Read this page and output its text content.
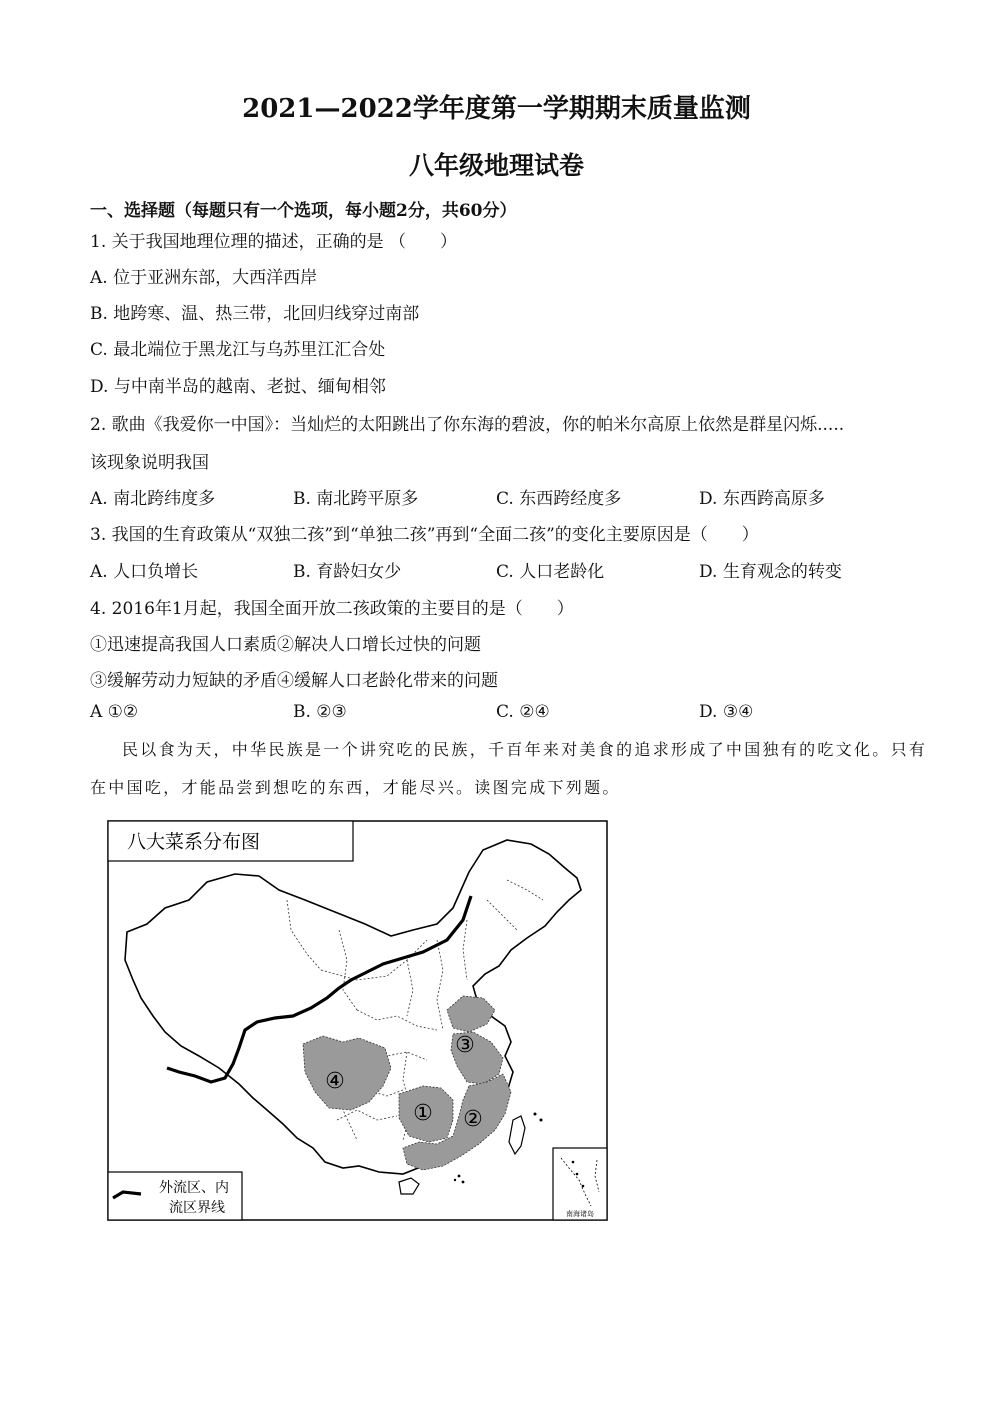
2021—2022学年度第一学期期末质量监测
八年级地理试卷
一、选择题（每题只有一个选项，每小题2分，共60分）
1. 关于我国地理位理的描述，正确的是 （　　）
A. 位于亚洲东部，大西洋西岸
B. 地跨寒、温、热三带，北回归线穿过南部
C. 最北端位于黑龙江与乌苏里江汇合处
D. 与中南半岛的越南、老挝、缅甸相邻
2. 歌曲《我爱你一中国》：当灿烂的太阳跳出了你东海的碧波，你的帕米尔高原上依然是群星闪烁.....
该现象说明我国
A. 南北跨纬度多	B. 南北跨平原多	C. 东西跨经度多	D. 东西跨高原多
3. 我国的生育政策从“双独二孩”到“单独二孩”再到“全面二孩”的变化主要原因是（　　）
A. 人口负增长	B. 育龄妇女少	C. 人口老龄化	D. 生育观念的转变
4. 2016年1月起，我国全面开放二孩政策的主要目的是（　　）
①迅速提高我国人口素质②解决人口增长过快的问题
③缓解劳动力短缺的矛盾④缓解人口老龄化带来的问题
A ①②	B. ②③	C. ②④	D. ③④
民以食为天，中华民族是一个讲究吃的民族，千百年来对美食的追求形成了中国独有的吃文化。只有
在中国吃，才能品尝到想吃的东西，才能尽兴。读图完成下列题。
八大菜系分布图
① ②
③
④
外流区、内
流区界线	南海诸岛
